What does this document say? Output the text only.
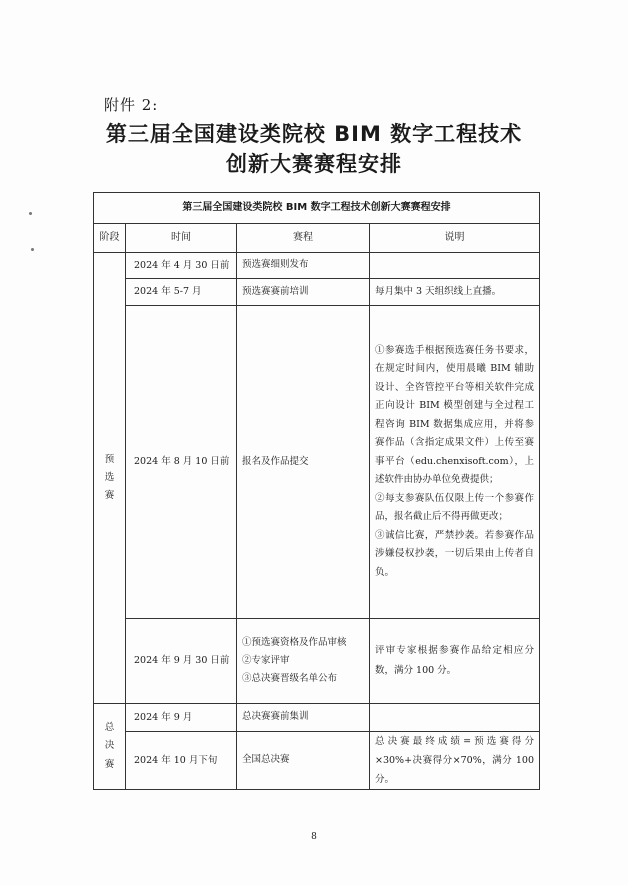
附件 2:
第三届全国建设类院校 BIM 数字工程技术
创新大赛赛程安排
第三届全国建设类院校 BIM 数字工程技术创新大赛赛程安排			
阶段	时间	赛程	说明

预
选
赛	2024 年 4 月 30 日前	预选赛细则发布	

	2024 年 5-7 月	预选赛赛前培训	每月集中 3 天组织线上直播。

	2024 年 8 月 10 日前	报名及作品提交	①参赛选手根据预选赛任务书要求，在规定时间内，使用晨曦 BIM 辅助设计、全咨管控平台等相关软件完成正向设计 BIM 模型创建与全过程工程咨询 BIM 数据集成应用，并将参赛作品（含指定成果文件）上传至赛事平台（edu.chenxisoft.com），上述软件由协办单位免费提供；

②每支参赛队伍仅限上传一个参赛作品，报名截止后不得再做更改；

③诚信比赛，严禁抄袭。若参赛作品涉嫌侵权抄袭，一切后果由上传者自负。

	2024 年 9 月 30 日前	①预选赛资格及作品审核
②专家评审
③总决赛晋级名单公布	评审专家根据参赛作品给定相应分数，满分 100 分。

总
决
赛	2024 年 9 月	总决赛赛前集训	

	2024 年 10 月下旬	全国总决赛	总决赛最终成绩=预选赛得分×30%+决赛得分×70%，满分 100 分。

8
